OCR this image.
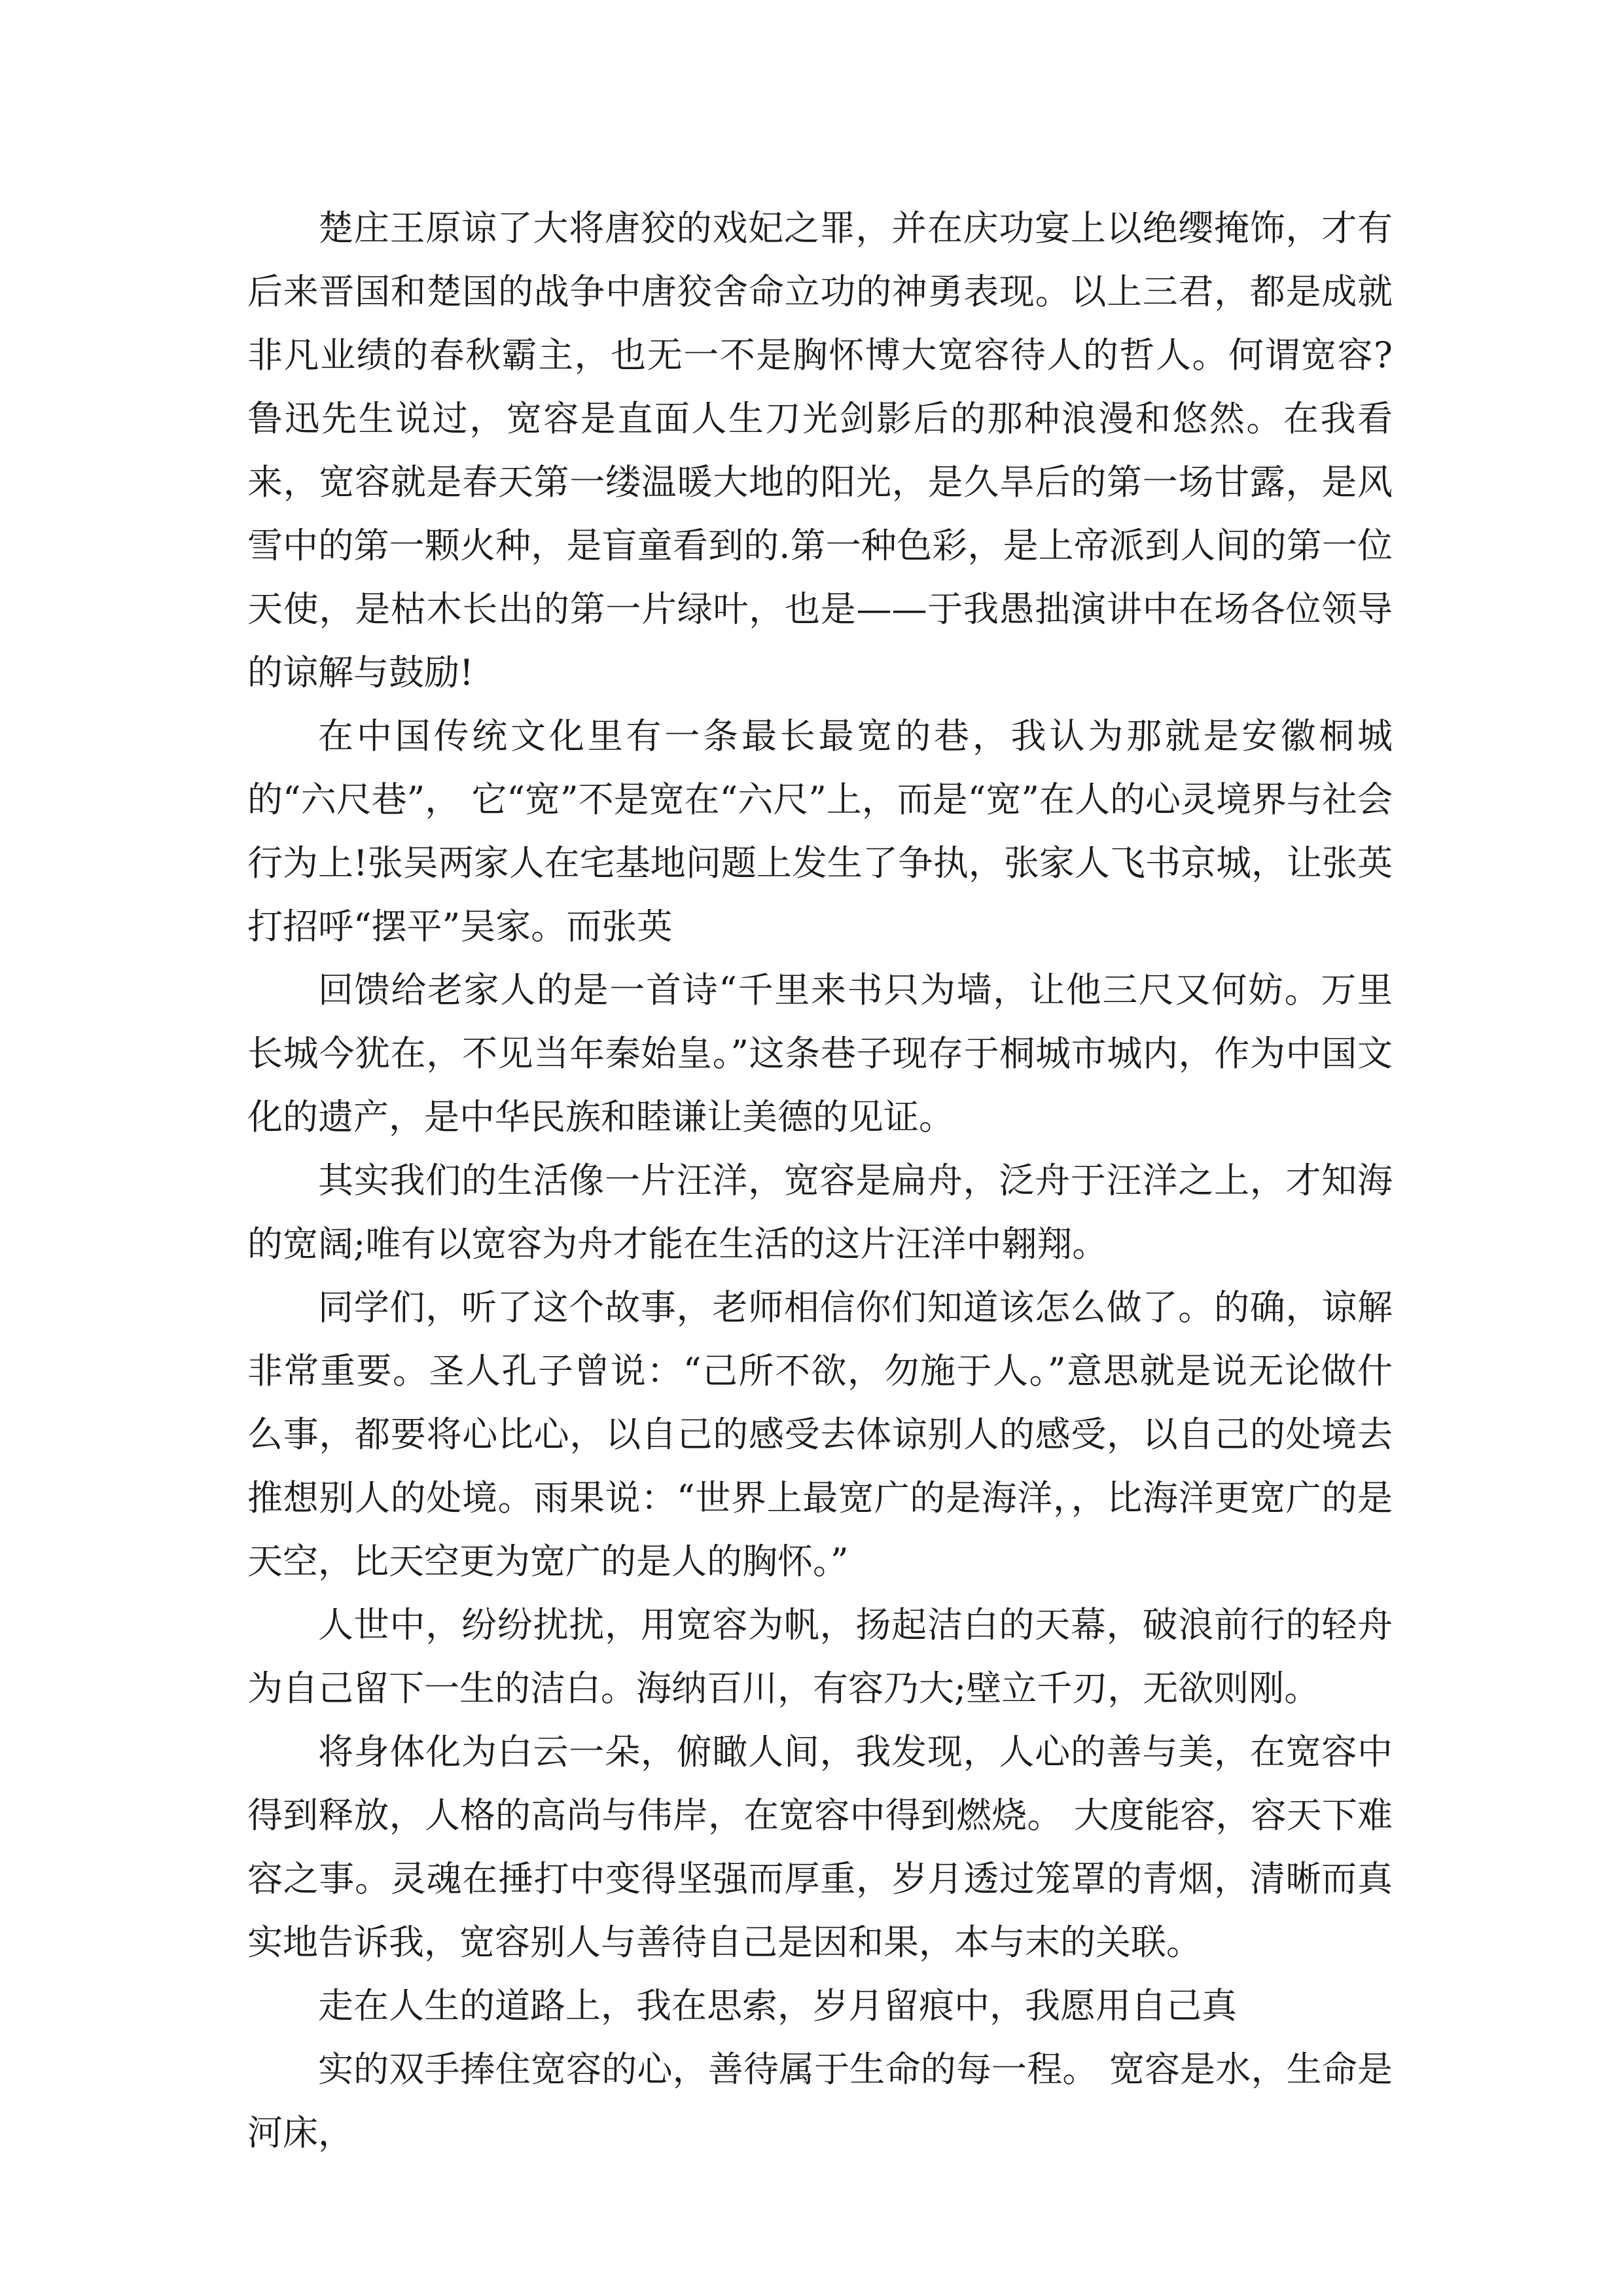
楚庄王原谅了大将唐狡的戏妃之罪，并在庆功宴上以绝缨掩饰，才有后来晋国和楚国的战争中唐狡舍命立功的神勇表现。以上三君，都是成就非凡业绩的春秋霸主，也无一不是胸怀博大宽容待人的哲人。何谓宽容?鲁迅先生说过，宽容是直面人生刀光剑影后的那种浪漫和悠然。在我看来，宽容就是春天第一缕温暖大地的阳光，是久旱后的第一场甘露，是风雪中的第一颗火种，是盲童看到的.第一种色彩，是上帝派到人间的第一位天使，是枯木长出的第一片绿叶，也是——于我愚拙演讲中在场各位领导的谅解与鼓励!

在中国传统文化里有一条最长最宽的巷，我认为那就是安徽桐城的“六尺巷”， 它“宽”不是宽在“六尺”上，而是“宽”在人的心灵境界与社会行为上!张吴两家人在宅基地问题上发生了争执，张家人飞书京城，让张英打招呼“摆平”吴家。而张英

回馈给老家人的是一首诗“千里来书只为墙，让他三尺又何妨。万里长城今犹在，不见当年秦始皇。”这条巷子现存于桐城市城内，作为中国文化的遗产，是中华民族和睦谦让美德的见证。

其实我们的生活像一片汪洋，宽容是扁舟，泛舟于汪洋之上，才知海的宽阔;唯有以宽容为舟才能在生活的这片汪洋中翱翔。

同学们，听了这个故事，老师相信你们知道该怎么做了。的确，谅解非常重要。圣人孔子曾说：“己所不欲，勿施于人。”意思就是说无论做什么事，都要将心比心，以自己的感受去体谅别人的感受，以自己的处境去推想别人的处境。雨果说：“世界上最宽广的是海洋，，比海洋更宽广的是天空，比天空更为宽广的是人的胸怀。”

人世中，纷纷扰扰，用宽容为帆，扬起洁白的天幕，破浪前行的轻舟为自己留下一生的洁白。海纳百川，有容乃大;壁立千刃，无欲则刚。

将身体化为白云一朵，俯瞰人间，我发现，人心的善与美，在宽容中得到释放，人格的高尚与伟岸，在宽容中得到燃烧。 大度能容，容天下难容之事。灵魂在捶打中变得坚强而厚重，岁月透过笼罩的青烟，清晰而真实地告诉我，宽容别人与善待自己是因和果，本与末的关联。

走在人生的道路上，我在思索，岁月留痕中，我愿用自己真

实的双手捧住宽容的心，善待属于生命的每一程。 宽容是水，生命是河床，
